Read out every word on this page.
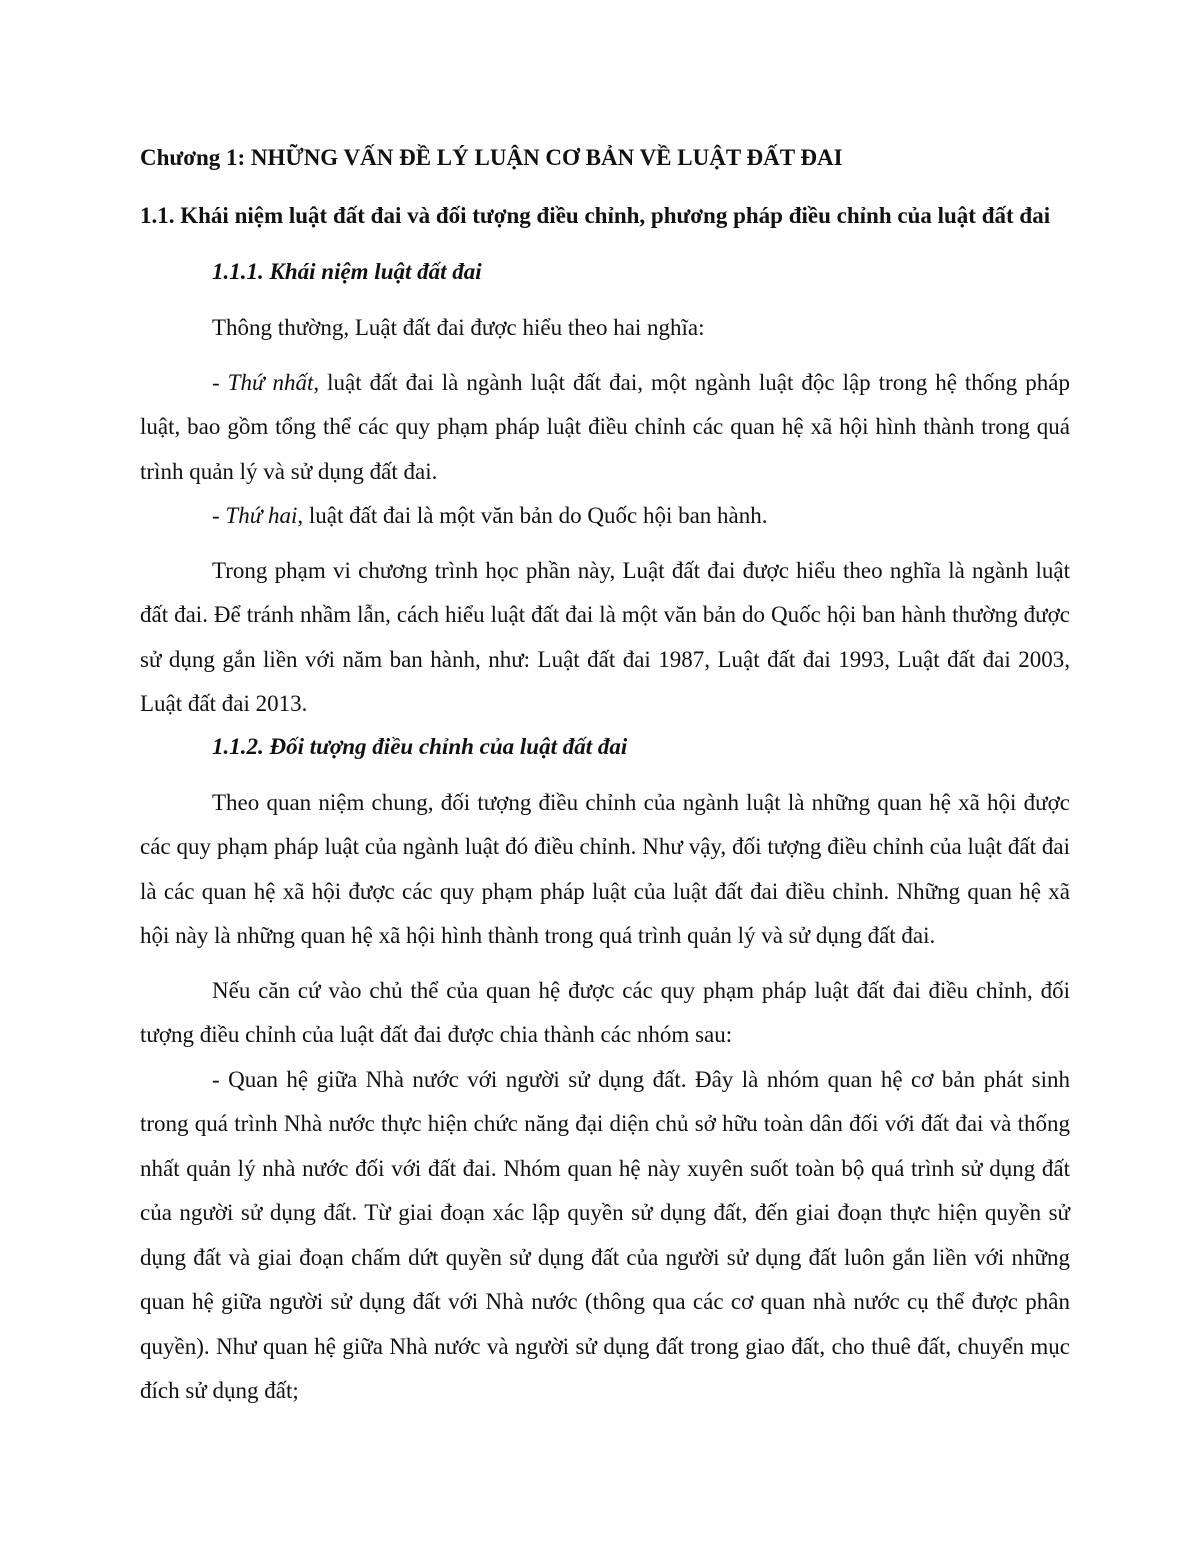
Chương 1: NHỮNG VẤN ĐỀ LÝ LUẬN CƠ BẢN VỀ LUẬT ĐẤT ĐAI
1.1. Khái niệm luật đất đai và đối tượng điều chỉnh, phương pháp điều chỉnh của luật đất đai
1.1.1. Khái niệm luật đất đai

Thông thường, Luật đất đai được hiểu theo hai nghĩa:

- Thứ nhất, luật đất đai là ngành luật đất đai, một ngành luật độc lập trong hệ thống pháp luật, bao gồm tổng thể các quy phạm pháp luật điều chỉnh các quan hệ xã hội hình thành trong quá trình quản lý và sử dụng đất đai.

- Thứ hai, luật đất đai là một văn bản do Quốc hội ban hành.

Trong phạm vi chương trình học phần này, Luật đất đai được hiểu theo nghĩa là ngành luật đất đai. Để tránh nhầm lẫn, cách hiểu luật đất đai là một văn bản do Quốc hội ban hành thường được sử dụng gắn liền với năm ban hành, như: Luật đất đai 1987, Luật đất đai 1993, Luật đất đai 2003, Luật đất đai 2013.

1.1.2. Đối tượng điều chỉnh của luật đất đai

Theo quan niệm chung, đối tượng điều chỉnh của ngành luật là những quan hệ xã hội được các quy phạm pháp luật của ngành luật đó điều chỉnh. Như vậy, đối tượng điều chỉnh của luật đất đai là các quan hệ xã hội được các quy phạm pháp luật của luật đất đai điều chỉnh. Những quan hệ xã hội này là những quan hệ xã hội hình thành trong quá trình quản lý và sử dụng đất đai.

Nếu căn cứ vào chủ thể của quan hệ được các quy phạm pháp luật đất đai điều chỉnh, đối tượng điều chỉnh của luật đất đai được chia thành các nhóm sau:

- Quan hệ giữa Nhà nước với người sử dụng đất. Đây là nhóm quan hệ cơ bản phát sinh trong quá trình Nhà nước thực hiện chức năng đại diện chủ sở hữu toàn dân đối với đất đai và thống nhất quản lý nhà nước đối với đất đai. Nhóm quan hệ này xuyên suốt toàn bộ quá trình sử dụng đất của người sử dụng đất. Từ giai đoạn xác lập quyền sử dụng đất, đến giai đoạn thực hiện quyền sử dụng đất và giai đoạn chấm dứt quyền sử dụng đất của người sử dụng đất luôn gắn liền với những quan hệ giữa người sử dụng đất với Nhà nước (thông qua các cơ quan nhà nước cụ thể được phân quyền). Như quan hệ giữa Nhà nước và người sử dụng đất trong giao đất, cho thuê đất, chuyển mục đích sử dụng đất;
